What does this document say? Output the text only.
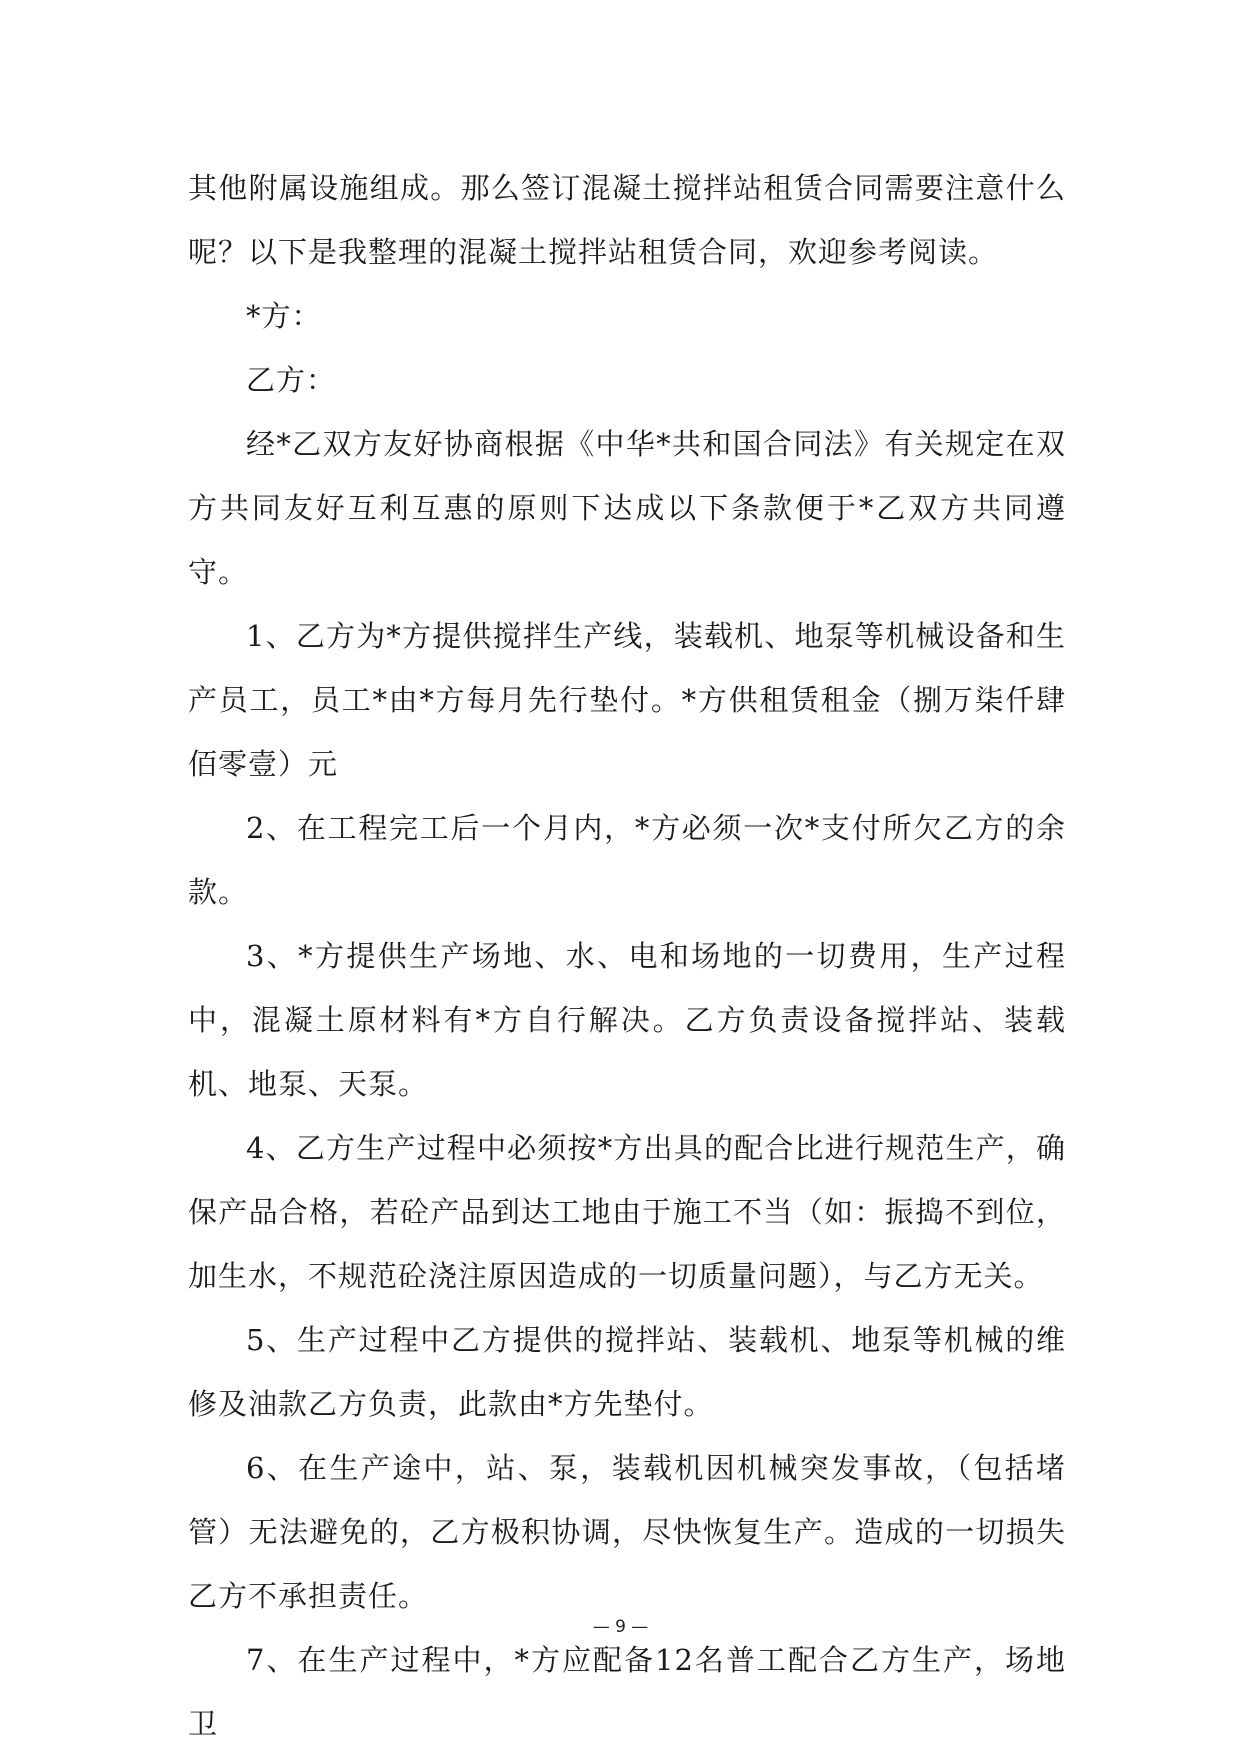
其他附属设施组成。那么签订混凝土搅拌站租赁合同需要注意什么呢？以下是我整理的混凝土搅拌站租赁合同，欢迎参考阅读。

*方：

乙方：

经*乙双方友好协商根据《中华*共和国合同法》有关规定在双方共同友好互利互惠的原则下达成以下条款便于*乙双方共同遵守。

1、乙方为*方提供搅拌生产线，装载机、地泵等机械设备和生产员工，员工*由*方每月先行垫付。*方供租赁租金（捌万柒仟肆佰零壹）元

2、在工程完工后一个月内，*方必须一次*支付所欠乙方的余款。

3、*方提供生产场地、水、电和场地的一切费用，生产过程中，混凝土原材料有*方自行解决。乙方负责设备搅拌站、装载机、地泵、天泵。

4、乙方生产过程中必须按*方出具的配合比进行规范生产，确保产品合格，若砼产品到达工地由于施工不当（如：振捣不到位，加生水，不规范砼浇注原因造成的一切质量问题），与乙方无关。

5、生产过程中乙方提供的搅拌站、装载机、地泵等机械的维修及油款乙方负责，此款由*方先垫付。

6、在生产途中，站、泵，装载机因机械突发事故，（包括堵管）无法避免的，乙方极积协调，尽快恢复生产。造成的一切损失乙方不承担责任。

7、在生产过程中，*方应配备12名普工配合乙方生产，场地卫

— 9 —
